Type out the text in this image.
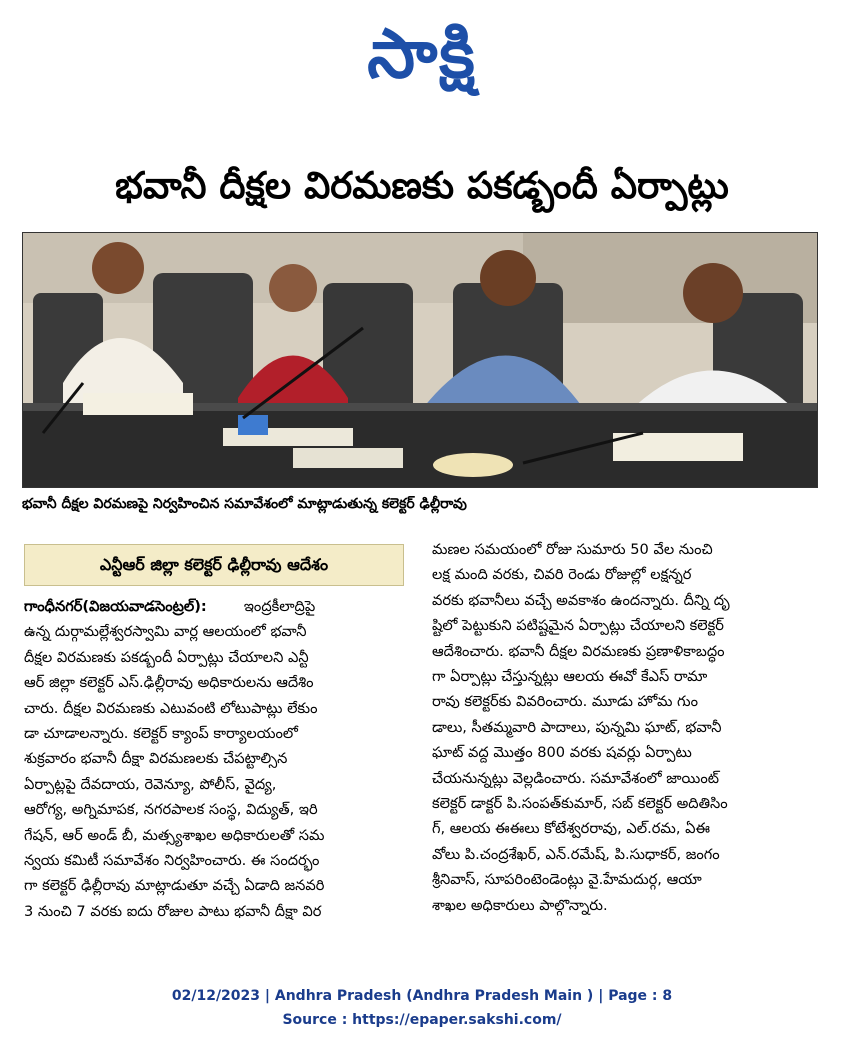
సాక్షి
భవానీ దీక్షల విరమణకు పకడ్బందీ ఏర్పాట్లు
భవానీ దీక్షల విరమణపై నిర్వహించిన సమావేశంలో మాట్లాడుతున్న కలెక్టర్ ఢిల్లీరావు
ఎన్టీఆర్ జిల్లా కలెక్టర్ ఢిల్లీరావు ఆదేశం
గాంధీనగర్(విజయవాడసెంట్రల్):	ఇంద్రకీలాద్రిపై
ఉన్న దుర్గామల్లేశ్వరస్వామి వార్ల ఆలయంలో భవానీ
దీక్షల విరమణకు పకడ్బందీ ఏర్పాట్లు చేయాలని ఎన్టీ
ఆర్ జిల్లా కలెక్టర్ ఎస్.ఢిల్లీరావు అధికారులను ఆదేశిం
చారు. దీక్షల విరమణకు ఎటువంటి లోటుపాట్లు లేకుం
డా చూడాలన్నారు. కలెక్టర్ క్యాంప్ కార్యాలయంలో
శుక్రవారం భవానీ దీక్షా విరమణలకు చేపట్టాల్సిన
ఏర్పాట్లపై దేవదాయ, రెవెన్యూ, పోలీస్, వైద్య,
ఆరోగ్య, అగ్నిమాపక, నగరపాలక సంస్థ, విద్యుత్, ఇరి
గేషన్, ఆర్ అండ్ బీ, మత్స్యశాఖల అధికారులతో సమ
న్వయ కమిటీ సమావేశం నిర్వహించారు. ఈ సందర్భం
గా కలెక్టర్ ఢిల్లీరావు మాట్లాడుతూ వచ్చే ఏడాది జనవరి
3 నుంచి 7 వరకు ఐదు రోజుల పాటు భవానీ దీక్షా విర
మణల సమయంలో రోజు సుమారు 50 వేల నుంచి
లక్ష మంది వరకు, చివరి రెండు రోజుల్లో లక్షన్నర
వరకు భవానీలు వచ్చే అవకాశం ఉందన్నారు. దీన్ని దృ
ష్టిలో పెట్టుకుని పటిష్టమైన ఏర్పాట్లు చేయాలని కలెక్టర్
ఆదేశించారు. భవానీ దీక్షల విరమణకు ప్రణాళికాబద్ధం
గా ఏర్పాట్లు చేస్తున్నట్లు ఆలయ ఈవో కేఎస్ రామా
రావు కలెక్టర్‌కు వివరించారు. మూడు హోమ గుం
డాలు, సీతమ్మవారి పాదాలు, పున్నమి ఘాట్, భవానీ
ఘాట్ వద్ద మొత్తం 800 వరకు షవర్లు ఏర్పాటు
చేయనున్నట్లు వెల్లడించారు. సమావేశంలో జాయింట్
కలెక్టర్ డాక్టర్ పి.సంపత్‌కుమార్, సబ్ కలెక్టర్ అదితిసిం
గ్, ఆలయ ఈఈలు కోటేశ్వరరావు, ఎల్.రమ, ఏఈ
వోలు పి.చంద్రశేఖర్, ఎన్.రమేష్, పి.సుధాకర్, జంగం
శ్రీనివాస్, సూపరింటెండెంట్లు వై.హేమదుర్గ, ఆయా
శాఖల అధికారులు పాల్గొన్నారు.
02/12/2023 | Andhra Pradesh (Andhra Pradesh Main ) | Page : 8
Source : https://epaper.sakshi.com/
